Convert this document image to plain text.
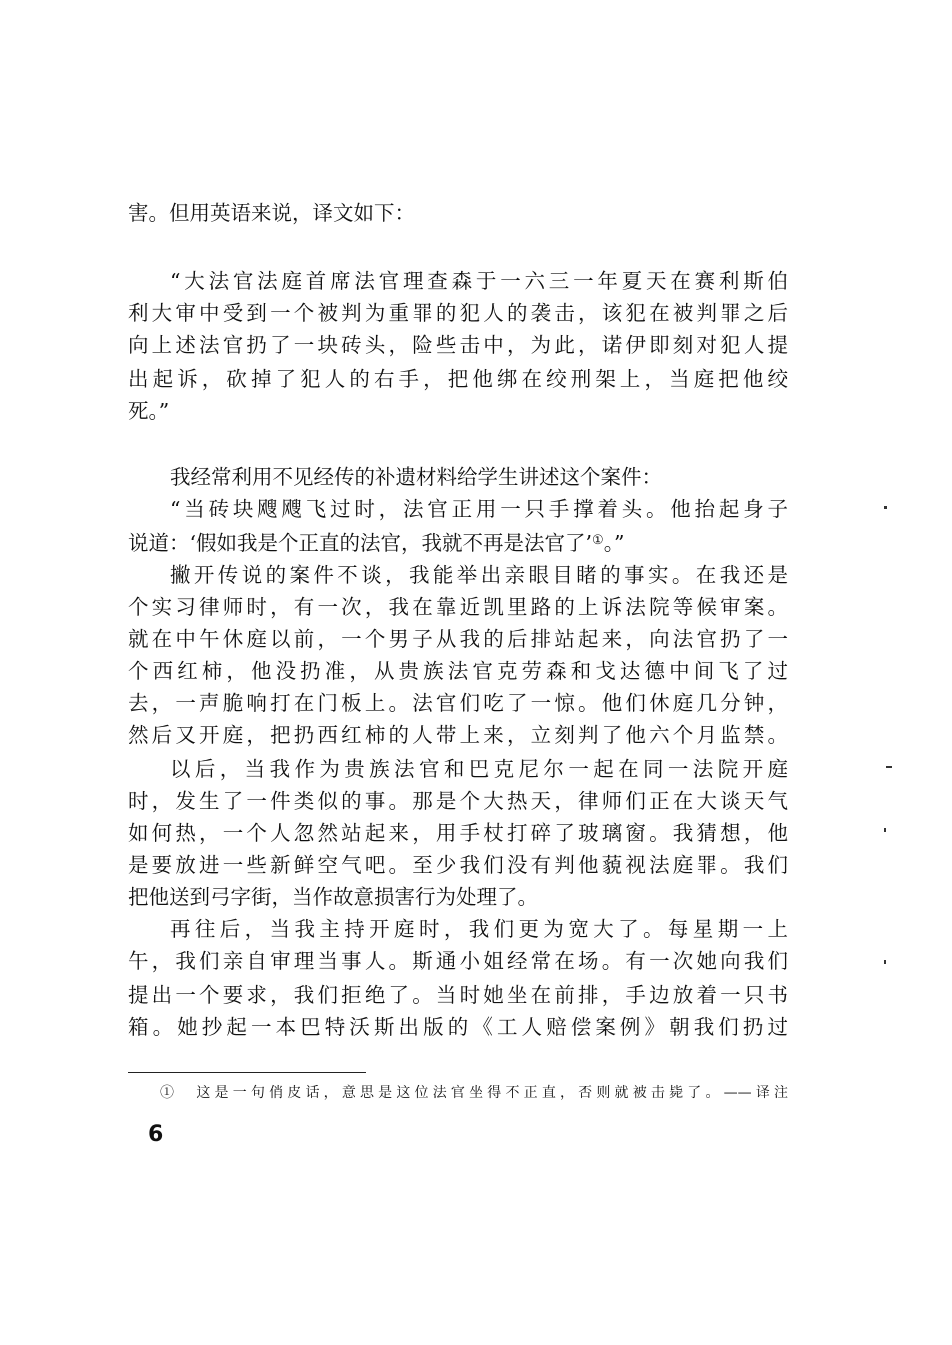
害。但用英语来说，译文如下：
“大法官法庭首席法官理查森于一六三一年夏天在赛利斯伯
利大审中受到一个被判为重罪的犯人的袭击，该犯在被判罪之后
向上述法官扔了一块砖头，险些击中，为此，诺伊即刻对犯人提
出起诉，砍掉了犯人的右手，把他绑在绞刑架上，当庭把他绞
死。”
我经常利用不见经传的补遗材料给学生讲述这个案件：
“当砖块飕飕飞过时，法官正用一只手撑着头。他抬起身子
说道：‘假如我是个正直的法官，我就不再是法官了’①。”
撇开传说的案件不谈，我能举出亲眼目睹的事实。在我还是
个实习律师时，有一次，我在靠近凯里路的上诉法院等候审案。
就在中午休庭以前，一个男子从我的后排站起来，向法官扔了一
个西红柿，他没扔准，从贵族法官克劳森和戈达德中间飞了过
去，一声脆响打在门板上。法官们吃了一惊。他们休庭几分钟，
然后又开庭，把扔西红柿的人带上来，立刻判了他六个月监禁。
以后，当我作为贵族法官和巴克尼尔一起在同一法院开庭
时，发生了一件类似的事。那是个大热天，律师们正在大谈天气
如何热，一个人忽然站起来，用手杖打碎了玻璃窗。我猜想，他
是要放进一些新鲜空气吧。至少我们没有判他藐视法庭罪。我们
把他送到弓字街，当作故意损害行为处理了。
再往后，当我主持开庭时，我们更为宽大了。每星期一上
午，我们亲自审理当事人。斯通小姐经常在场。有一次她向我们
提出一个要求，我们拒绝了。当时她坐在前排，手边放着一只书
箱。她抄起一本巴特沃斯出版的《工人赔偿案例》朝我们扔过
①  这是一句俏皮话，意思是这位法官坐得不正直，否则就被击毙了。——译注
6
